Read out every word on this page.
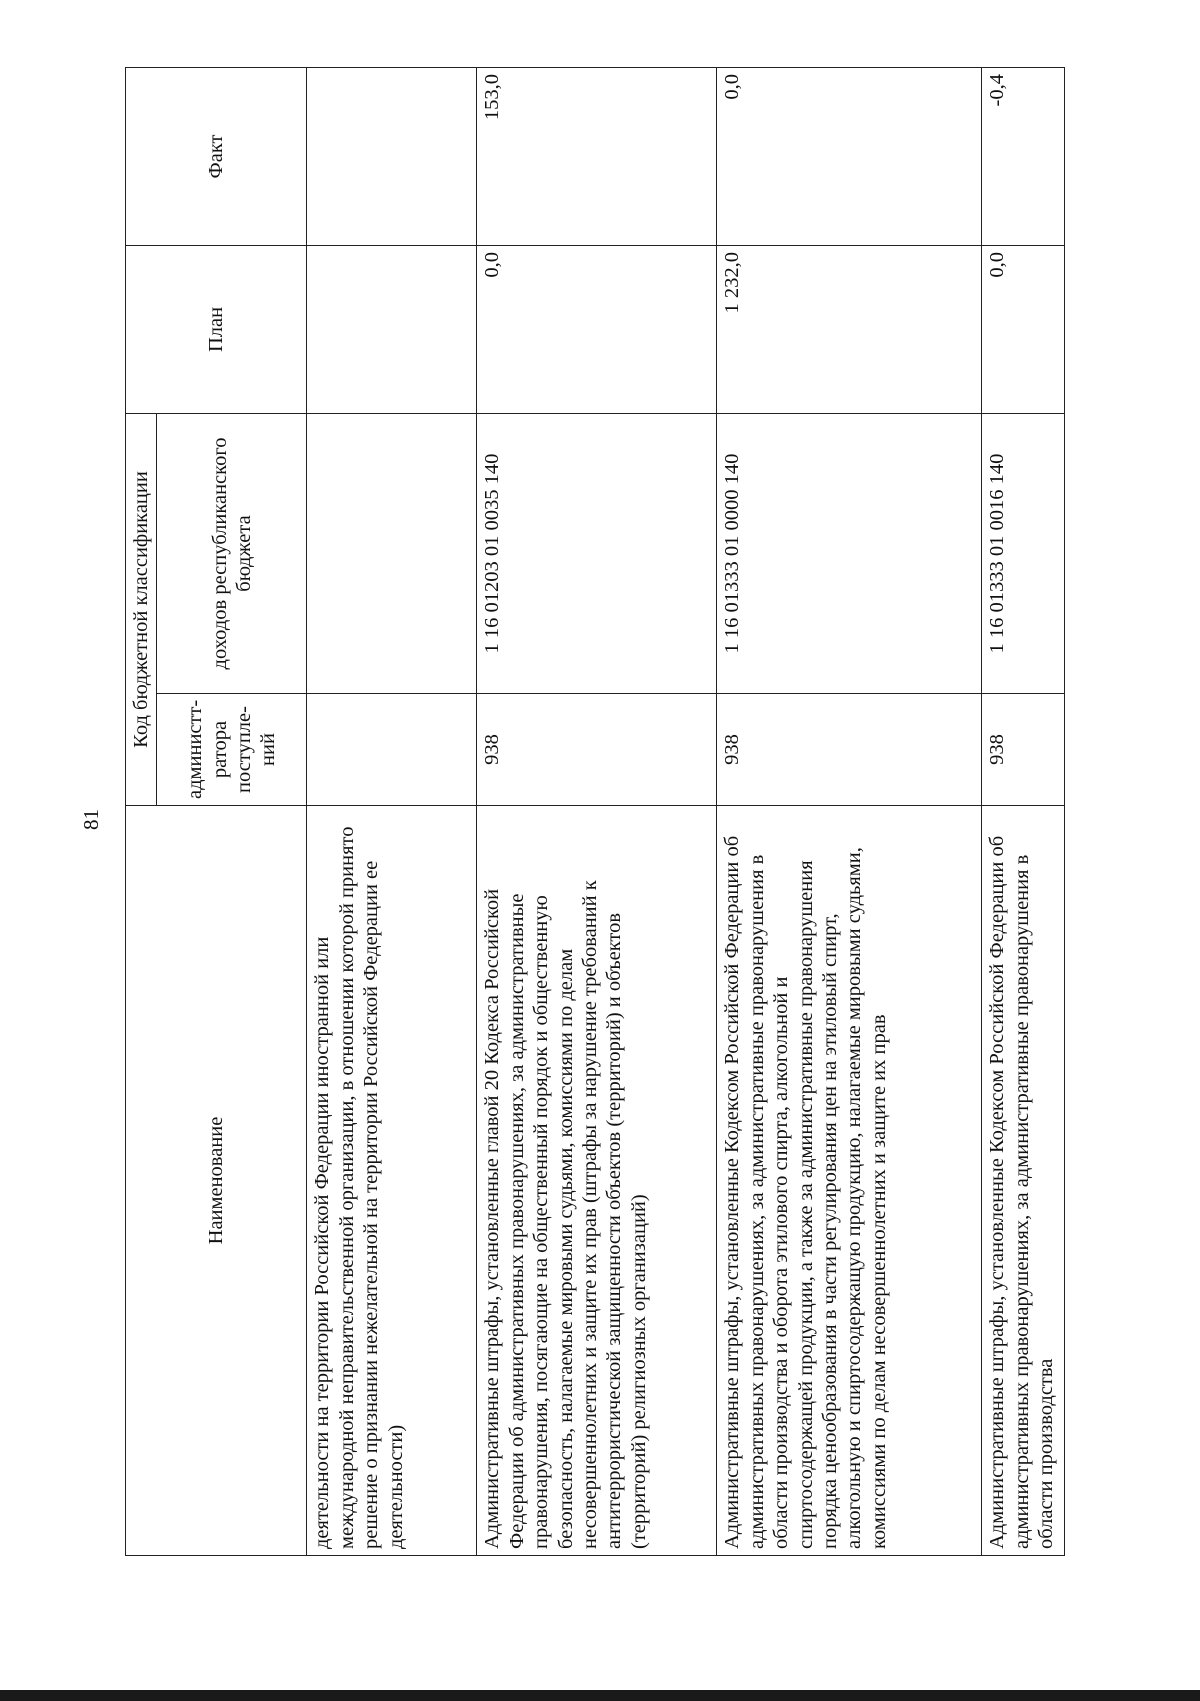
81
Наименование	Код бюджетной классификации		План	Факт
	администт-ратора поступле-ний	доходов республиканского бюджета		
деятельности на территории Российской Федерации иностранной или международной неправительственной организации, в отношении которой принято решение о признании нежелательной на территории Российской Федерации ее деятельности)				
Административные штрафы, установленные главой 20 Кодекса Российской Федерации об административных правонарушениях, за административные правонарушения, посягающие на общественный порядок и общественную безопасность, налагаемые мировыми судьями, комиссиями по делам несовершеннолетних и защите их прав (штрафы за нарушение требований к антитеррористической защищенности объектов (территорий) и объектов (территорий) религиозных организаций)	938	1 16 01203 01 0035 140	0,0	153,0
Административные штрафы, установленные Кодексом Российской Федерации об административных правонарушениях, за административные правонарушения в области производства и оборота этилового спирта, алкогольной и спиртосодержащей продукции, а также за административные правонарушения порядка ценообразования в части регулирования цен на этиловый спирт, алкогольную и спиртосодержащую продукцию, налагаемые мировыми судьями, комиссиями по делам несовершеннолетних и защите их прав	938	1 16 01333 01 0000 140	1 232,0	0,0
Административные штрафы, установленные Кодексом Российской Федерации об административных правонарушениях, за административные правонарушения в области производства	938	1 16 01333 01 0016 140	0,0	-0,4
